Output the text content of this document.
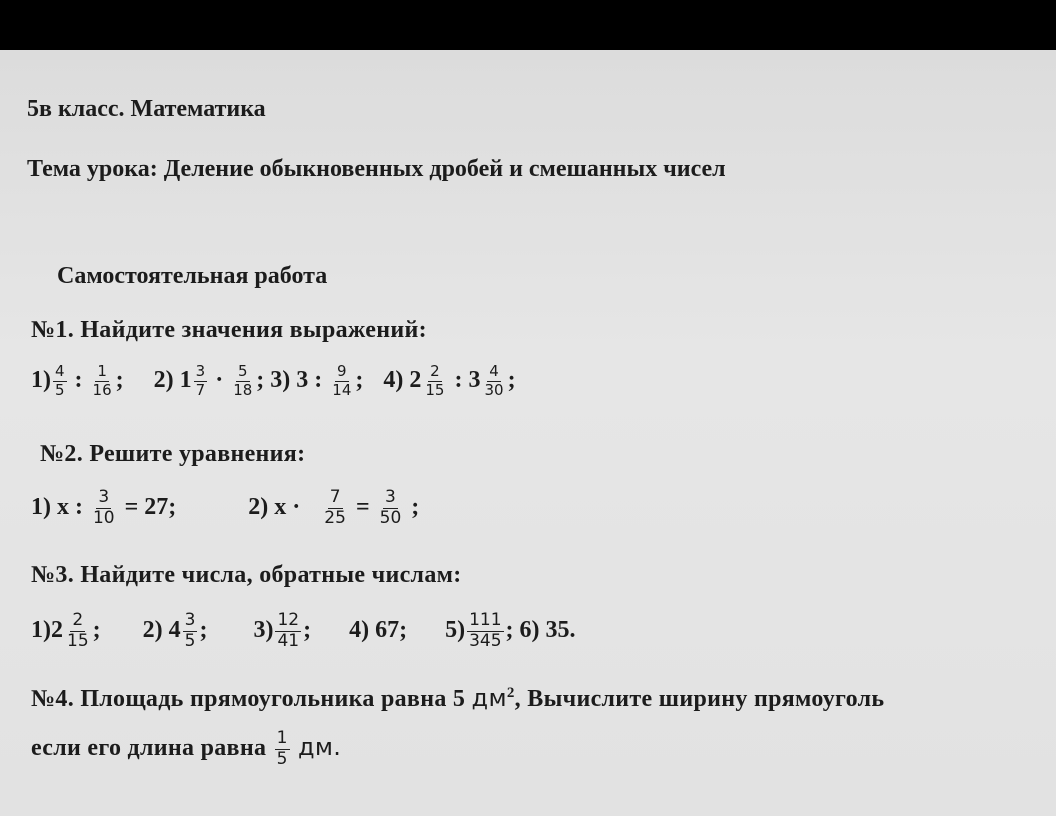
5в класс. Математика
Тема урока: Деление обыкновенных дробей и смешанных чисел
Самостоятельная работа
№1. Найдите значения выражений:
$1) \frac{4}{5}$ : $\frac{1}{16}$ ; 2) $1 \frac{3}{7} \cdot \frac{5}{18}$ ; 3) 3 : $\frac{9}{14}$ ; 4) $2 \frac{2}{15}$ : $3 \frac{4}{30}$ ;
№2. Решите уравнения:
1) x : $\frac{3}{10} = 27$;	2) $x \cdot \frac{7}{25} = \frac{3}{50}$ ;
№3. Найдите числа, обратные числам:
$1)2 \frac{2}{15}$ ; 2) $4 \frac{3}{5}$ ; $3) \frac{12}{41}$ ; 4) 67; $5) \frac{111}{345}$ ; 6) 35.
№4. Площадь прямоугольника равна 5 $дм^2$, Вычислите ширину прямоуголь
если его длина равна $\frac{1}{5}$ дм.
